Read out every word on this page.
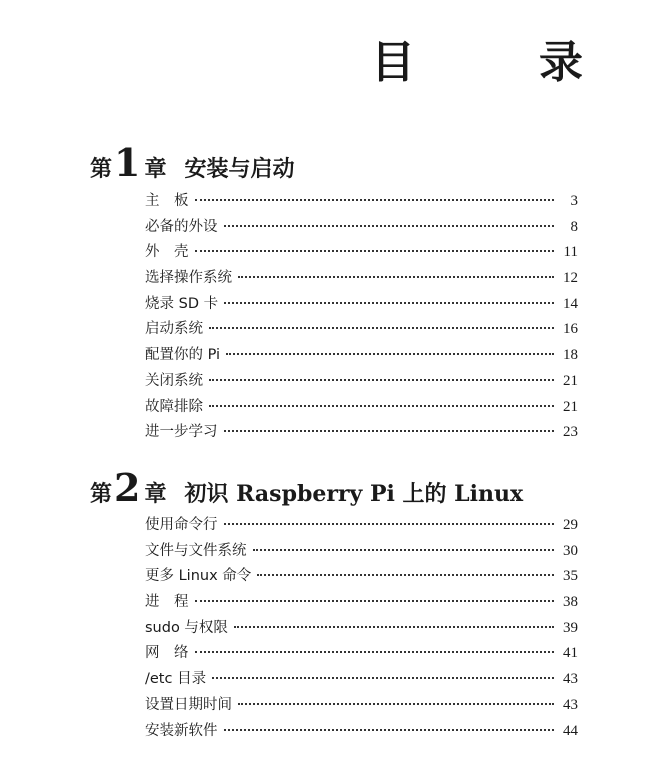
目　录
第 1 章 安装与启动
主　板	3
必备的外设	8
外　壳	11
选择操作系统	12
烧录 SD 卡	14
启动系统	16
配置你的 Pi	18
关闭系统	21
故障排除	21
进一步学习	23
第 2 章 初识 Raspberry Pi 上的 Linux
使用命令行	29
文件与文件系统	30
更多 Linux 命令	35
进　程	38
sudo 与权限	39
网　络	41
/etc 目录	43
设置日期时间	43
安装新软件	44
